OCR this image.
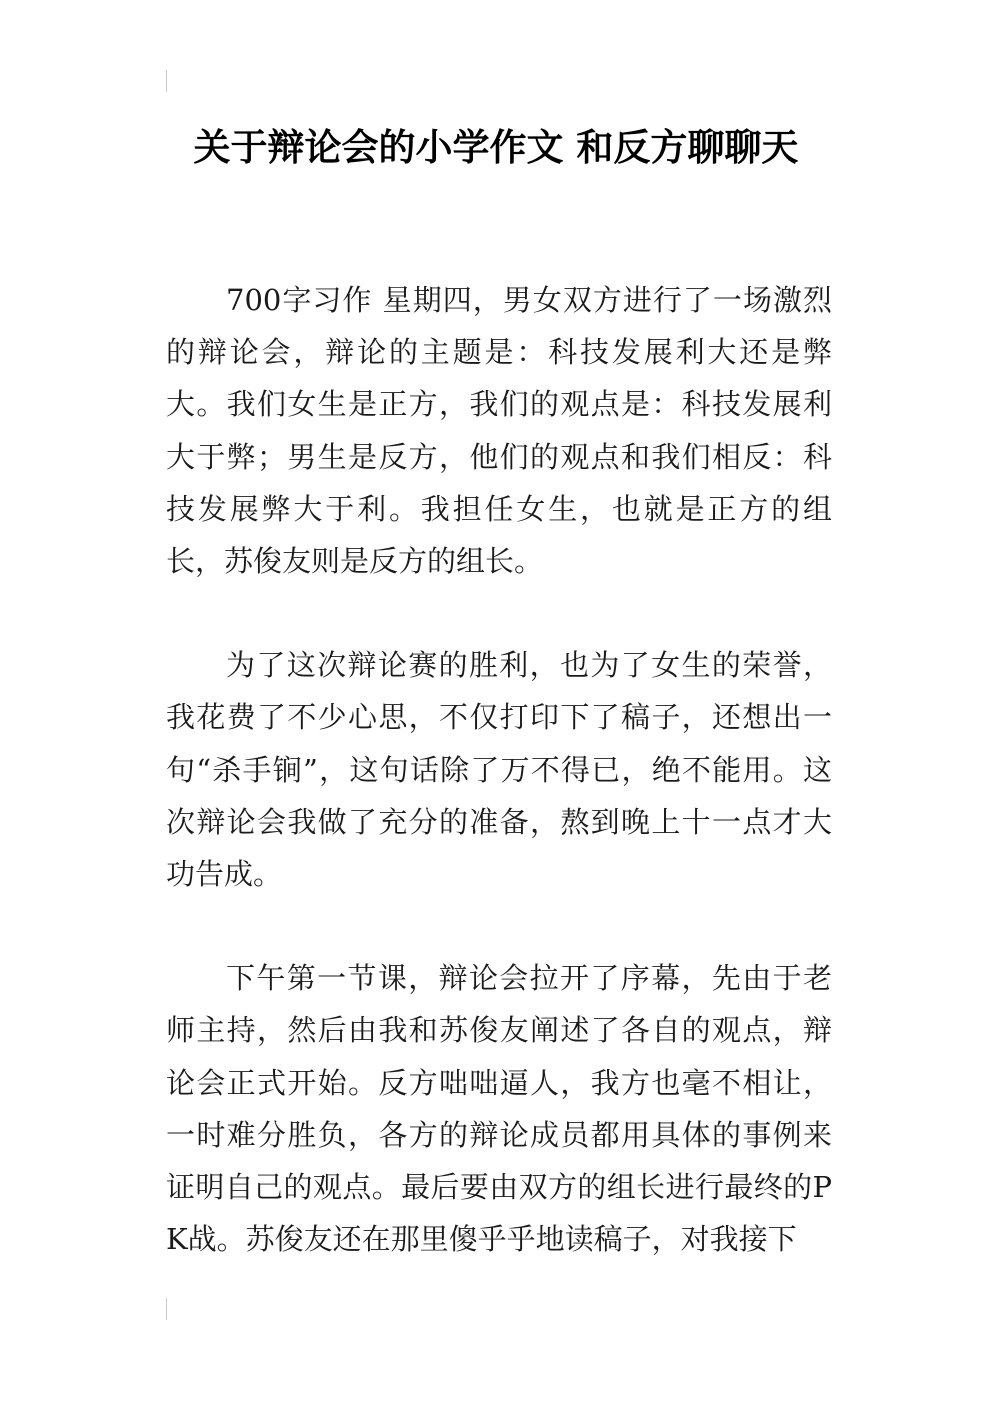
关于辩论会的小学作文 和反方聊聊天

700字习作 星期四，男女双方进行了一场激烈的辩论会，辩论的主题是：科技发展利大还是弊大。我们女生是正方，我们的观点是：科技发展利大于弊；男生是反方，他们的观点和我们相反：科技发展弊大于利。我担任女生，也就是正方的组长，苏俊友则是反方的组长。

为了这次辩论赛的胜利，也为了女生的荣誉，我花费了不少心思，不仅打印下了稿子，还想出一句“杀手锏”，这句话除了万不得已，绝不能用。这次辩论会我做了充分的准备，熬到晚上十一点才大功告成。

下午第一节课，辩论会拉开了序幕，先由于老师主持，然后由我和苏俊友阐述了各自的观点，辩论会正式开始。反方咄咄逼人，我方也毫不相让，一时难分胜负，各方的辩论成员都用具体的事例来证明自己的观点。最后要由双方的组长进行最终的PK战。苏俊友还在那里傻乎乎地读稿子，对我接下
